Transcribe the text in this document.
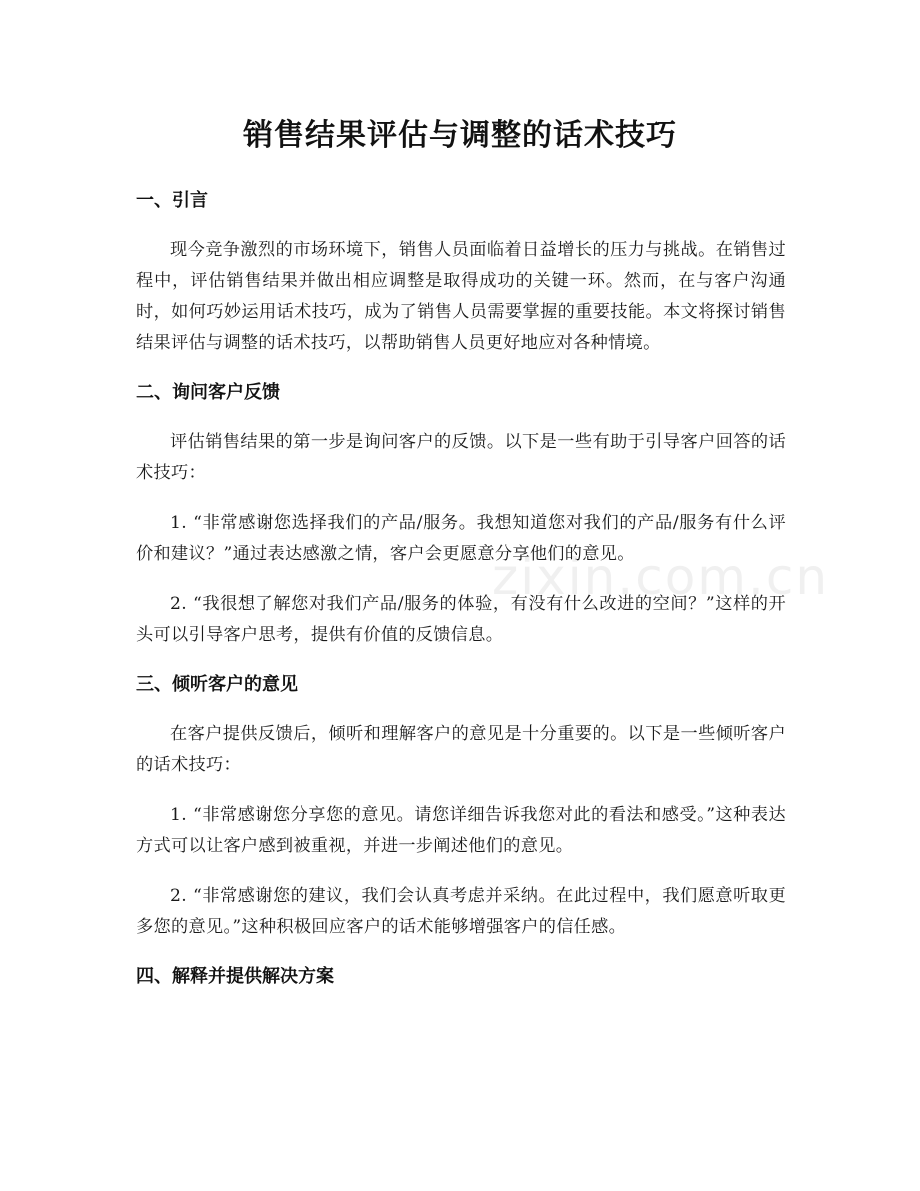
销售结果评估与调整的话术技巧
zixin.com.cn
一、引言

现今竞争激烈的市场环境下，销售人员面临着日益增长的压力与挑战。在销售过程中，评估销售结果并做出相应调整是取得成功的关键一环。然而，在与客户沟通时，如何巧妙运用话术技巧，成为了销售人员需要掌握的重要技能。本文将探讨销售结果评估与调整的话术技巧，以帮助销售人员更好地应对各种情境。

二、询问客户反馈

评估销售结果的第一步是询问客户的反馈。以下是一些有助于引导客户回答的话术技巧：

1. “非常感谢您选择我们的产品/服务。我想知道您对我们的产品/服务有什么评价和建议？”通过表达感激之情，客户会更愿意分享他们的意见。

2. “我很想了解您对我们产品/服务的体验，有没有什么改进的空间？”这样的开头可以引导客户思考，提供有价值的反馈信息。

三、倾听客户的意见

在客户提供反馈后，倾听和理解客户的意见是十分重要的。以下是一些倾听客户的话术技巧：

1. “非常感谢您分享您的意见。请您详细告诉我您对此的看法和感受。”这种表达方式可以让客户感到被重视，并进一步阐述他们的意见。

2. “非常感谢您的建议，我们会认真考虑并采纳。在此过程中，我们愿意听取更多您的意见。”这种积极回应客户的话术能够增强客户的信任感。

四、解释并提供解决方案
